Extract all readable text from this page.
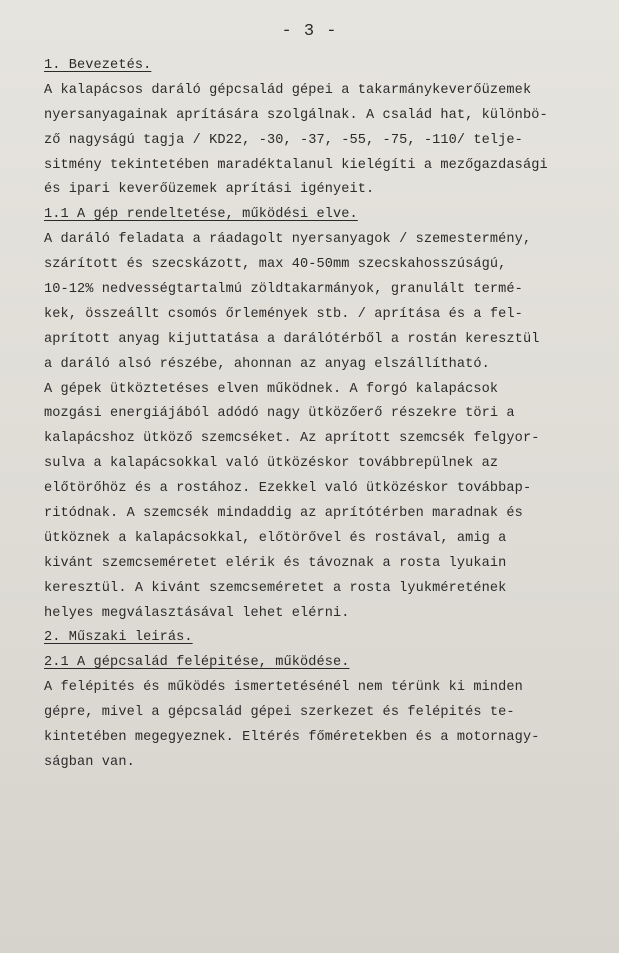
- 3 -
1. Bevezetés.
A kalapácsos daráló gépcsalád gépei a takarmánykeverőüzemek
nyersanyagainak aprítására szolgálnak. A család hat, különbö-
ző nagyságú tagja / KD22, -30, -37, -55, -75, -110/ telje-
sitmény tekintetében maradéktalanul kielégíti a mezőgazdasági
és ipari keverőüzemek aprítási igényeit.
1.1 A gép rendeltetése, működési elve.
A daráló feladata a ráadagolt nyersanyagok / szemestermény,
szárított és szecskázott, max 40-50mm szecskahosszúságú,
10-12% nedvességtartalmú zöldtakarmányok, granulált termé-
kek, összeállt csomós őrlemények stb. / aprítása és a fel-
aprított anyag kijuttatása a darálótérből a rostán keresztül
a daráló alsó részébe, ahonnan az anyag elszállítható.
A gépek ütköztetéses elven működnek. A forgó kalapácsok
mozgási energiájából adódó nagy ütközőerő részekre töri a
kalapácshoz ütköző szemcséket. Az aprított szemcsék felgyor-
sulva a kalapácsokkal való ütközéskor továbbrepülnek az
előtörőhöz és a rostához. Ezekkel való ütközéskor továbbap-
ritódnak. A szemcsék mindaddig az aprítótérben maradnak és
ütköznek a kalapácsokkal, előtörővel és rostával, amig a
kivánt szemcseméretet elérik és távoznak a rosta lyukain
keresztül. A kivánt szemcseméretet a rosta lyukméretének
helyes megválasztásával lehet elérni.
2. Műszaki leirás.
2.1 A gépcsalád felépitése, működése.
A felépités és működés ismertetésénél nem térünk ki minden
gépre, mivel a gépcsalád gépei szerkezet és felépités te-
kintetében megegyeznek. Eltérés főméretekben és a motornagy-
ságban van.
